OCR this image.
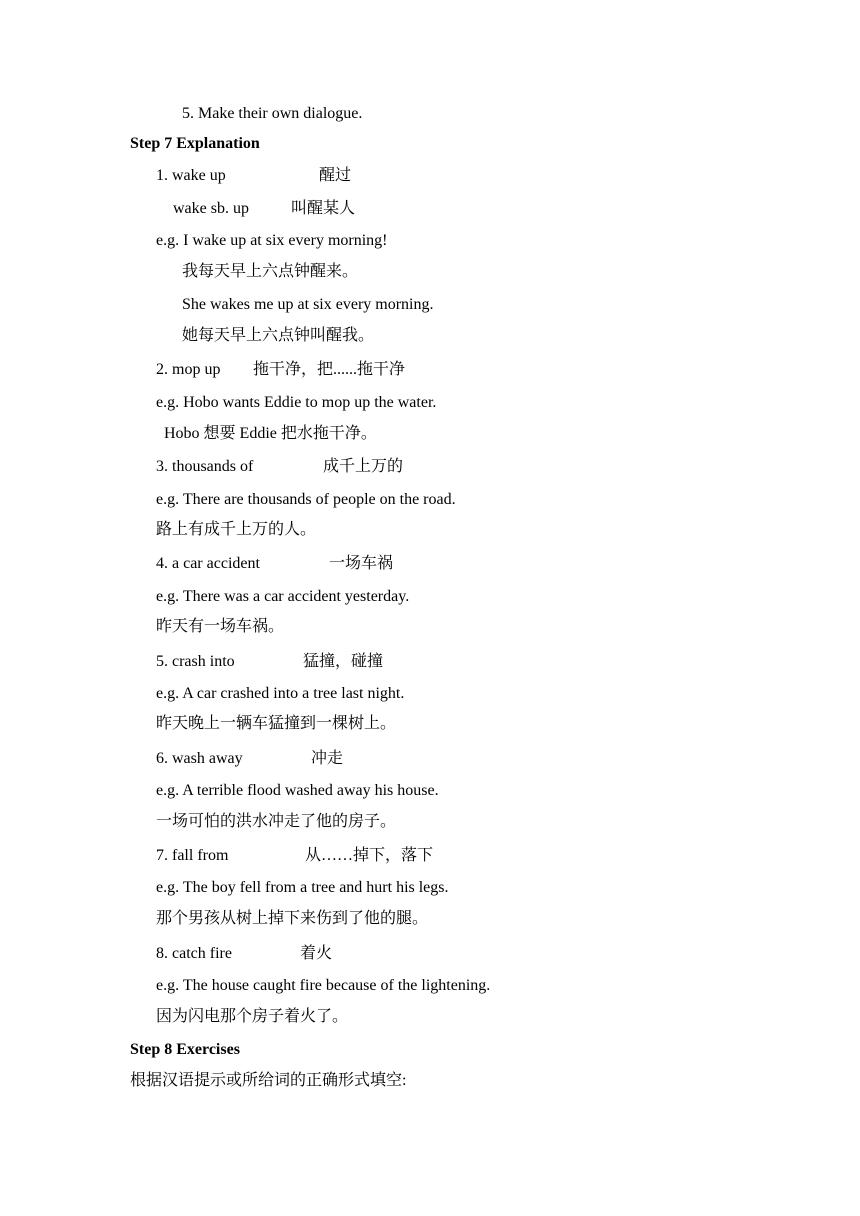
5. Make their own dialogue.
Step 7 Explanation
1. wake up	醒过
wake sb. up	叫醒某人
e.g. I wake up at six every morning!
我每天早上六点钟醒来。
She wakes me up at six every morning.
她每天早上六点钟叫醒我。
2. mop up 拖干净，把......拖干净
e.g. Hobo wants Eddie to mop up the water.
Hobo 想要 Eddie 把水拖干净。
3. thousands of	成千上万的
e.g. There are thousands of people on the road.
路上有成千上万的人。
4. a car accident	一场车祸
e.g. There was a car accident yesterday.
昨天有一场车祸。
5. crash into	猛撞，碰撞
e.g. A car crashed into a tree last night.
昨天晚上一辆车猛撞到一棵树上。
6. wash away	冲走
e.g. A terrible flood washed away his house.
一场可怕的洪水冲走了他的房子。
7. fall from	从……掉下，落下
e.g. The boy fell from a tree and hurt his legs.
那个男孩从树上掉下来伤到了他的腿。
8. catch fire	着火
e.g. The house caught fire because of the lightening.
因为闪电那个房子着火了。
Step 8 Exercises
根据汉语提示或所给词的正确形式填空:
